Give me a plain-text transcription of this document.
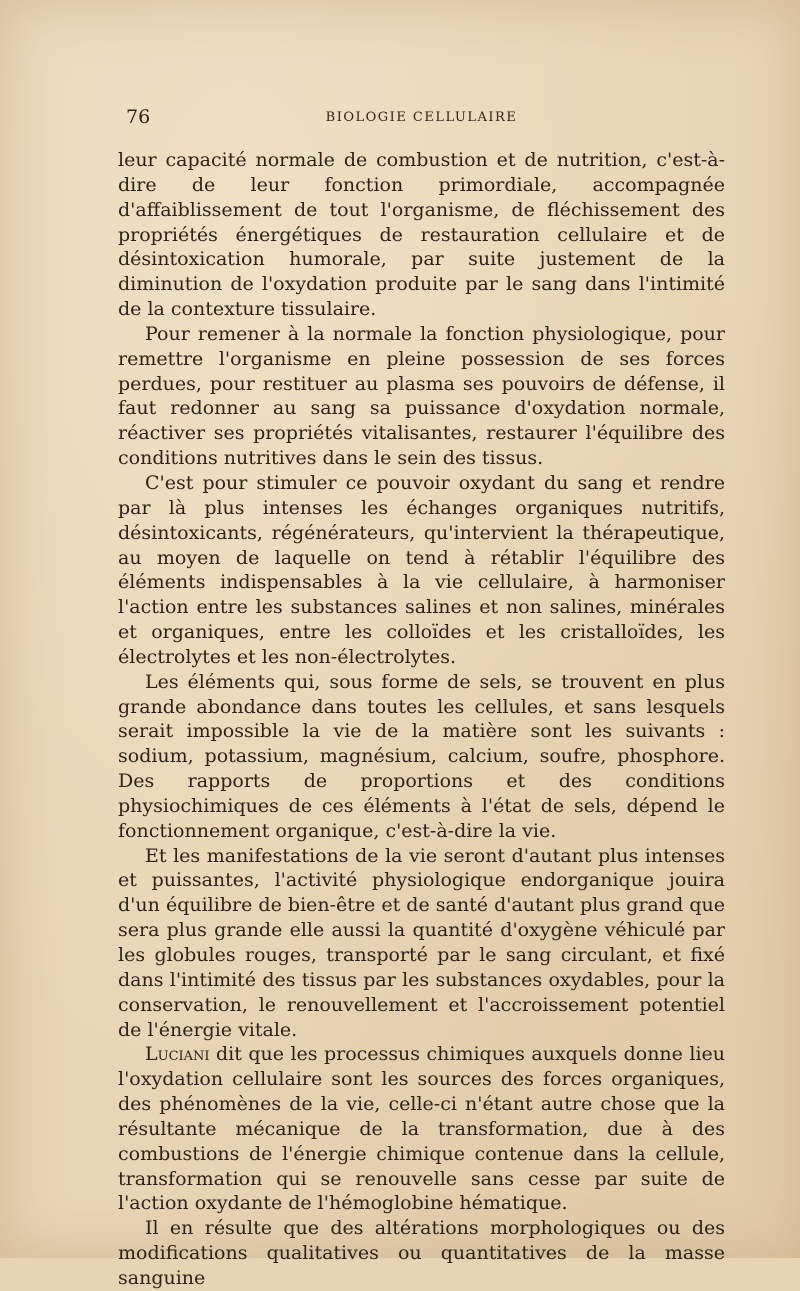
76	BIOLOGIE CELLULAIRE

leur capacité normale de combustion et de nutrition, c'est-à-dire de leur fonction primordiale, accompagnée d'affaiblissement de tout l'organisme, de fléchissement des propriétés énergétiques de restauration cellulaire et de désintoxication humorale, par suite justement de la diminution de l'oxydation produite par le sang dans l'intimité de la contexture tissulaire.

Pour remener à la normale la fonction physiologique, pour remettre l'organisme en pleine possession de ses forces perdues, pour restituer au plasma ses pouvoirs de défense, il faut redonner au sang sa puissance d'oxydation normale, réactiver ses propriétés vitalisantes, restaurer l'équilibre des conditions nutritives dans le sein des tissus.

C'est pour stimuler ce pouvoir oxydant du sang et rendre par là plus intenses les échanges organiques nutritifs, désintoxicants, régénérateurs, qu'intervient la thérapeutique, au moyen de laquelle on tend à rétablir l'équilibre des éléments indispensables à la vie cellulaire, à harmoniser l'action entre les substances salines et non salines, minérales et organiques, entre les colloïdes et les cristalloïdes, les électrolytes et les non-électrolytes.

Les éléments qui, sous forme de sels, se trouvent en plus grande abondance dans toutes les cellules, et sans lesquels serait impossible la vie de la matière sont les suivants : sodium, potassium, magnésium, calcium, soufre, phosphore. Des rapports de proportions et des conditions physiochimiques de ces éléments à l'état de sels, dépend le fonctionnement organique, c'est-à-dire la vie.

Et les manifestations de la vie seront d'autant plus intenses et puissantes, l'activité physiologique endorganique jouira d'un équilibre de bien-être et de santé d'autant plus grand que sera plus grande elle aussi la quantité d'oxygène véhiculé par les globules rouges, transporté par le sang circulant, et fixé dans l'intimité des tissus par les substances oxydables, pour la conservation, le renouvellement et l'accroissement potentiel de l'énergie vitale.

Luciani dit que les processus chimiques auxquels donne lieu l'oxydation cellulaire sont les sources des forces organiques, des phénomènes de la vie, celle-ci n'étant autre chose que la résultante mécanique de la transformation, due à des combustions de l'énergie chimique contenue dans la cellule, transformation qui se renouvelle sans cesse par suite de l'action oxydante de l'hémoglobine hématique.

Il en résulte que des altérations morphologiques ou des modifications qualitatives ou quantitatives de la masse sanguine
